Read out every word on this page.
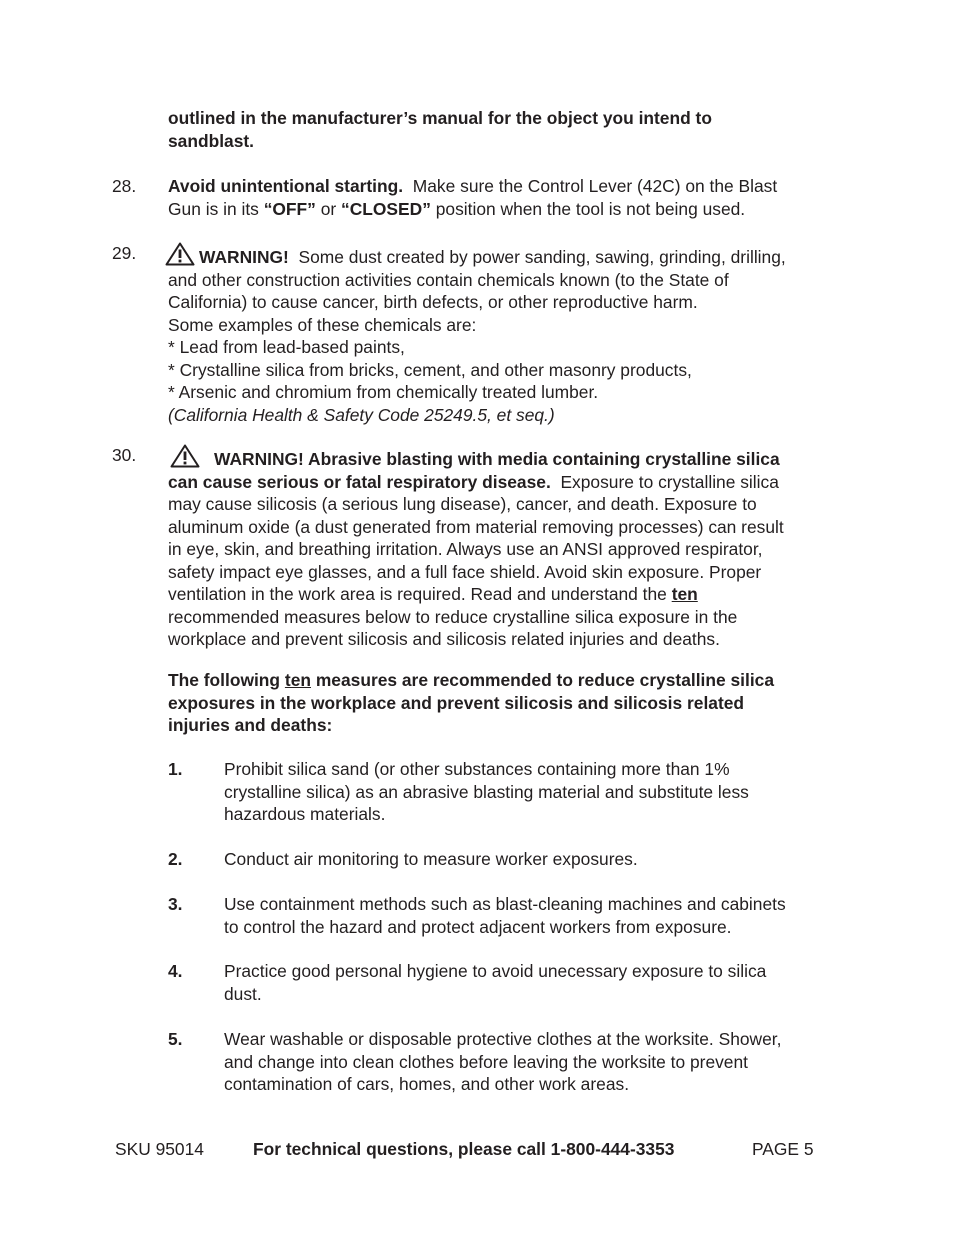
outlined in the manufacturer’s manual for the object you intend to
sandblast.
28. Avoid unintentional starting. Make sure the Control Lever (42C) on the Blast
Gun is in its “OFF” or “CLOSED” position when the tool is not being used.
29.	WARNING! Some dust created by power sanding, sawing, grinding, drilling,
and other construction activities contain chemicals known (to the State of
California) to cause cancer, birth defects, or other reproductive harm.
Some examples of these chemicals are:
* Lead from lead-based paints,
* Crystalline silica from bricks, cement, and other masonry products,
* Arsenic and chromium from chemically treated lumber.
(California Health & Safety Code 25249.5, et seq.)
30.	WARNING! Abrasive blasting with media containing crystalline silica
can cause serious or fatal respiratory disease. Exposure to crystalline silica
may cause silicosis (a serious lung disease), cancer, and death. Exposure to
aluminum oxide (a dust generated from material removing processes) can result
in eye, skin, and breathing irritation. Always use an ANSI approved respirator,
safety impact eye glasses, and a full face shield. Avoid skin exposure. Proper
ventilation in the work area is required. Read and understand the ten
recommended measures below to reduce crystalline silica exposure in the
workplace and prevent silicosis and silicosis related injuries and deaths.
The following ten measures are recommended to reduce crystalline silica
exposures in the workplace and prevent silicosis and silicosis related
injuries and deaths:
1. Prohibit silica sand (or other substances containing more than 1%
crystalline silica) as an abrasive blasting material and substitute less
hazardous materials.
2. Conduct air monitoring to measure worker exposures.
3. Use containment methods such as blast-cleaning machines and cabinets
to control the hazard and protect adjacent workers from exposure.
4. Practice good personal hygiene to avoid unecessary exposure to silica
dust.
5. Wear washable or disposable protective clothes at the worksite. Shower,
and change into clean clothes before leaving the worksite to prevent
contamination of cars, homes, and other work areas.
SKU 95014	For technical questions, please call 1-800-444-3353	PAGE 5
